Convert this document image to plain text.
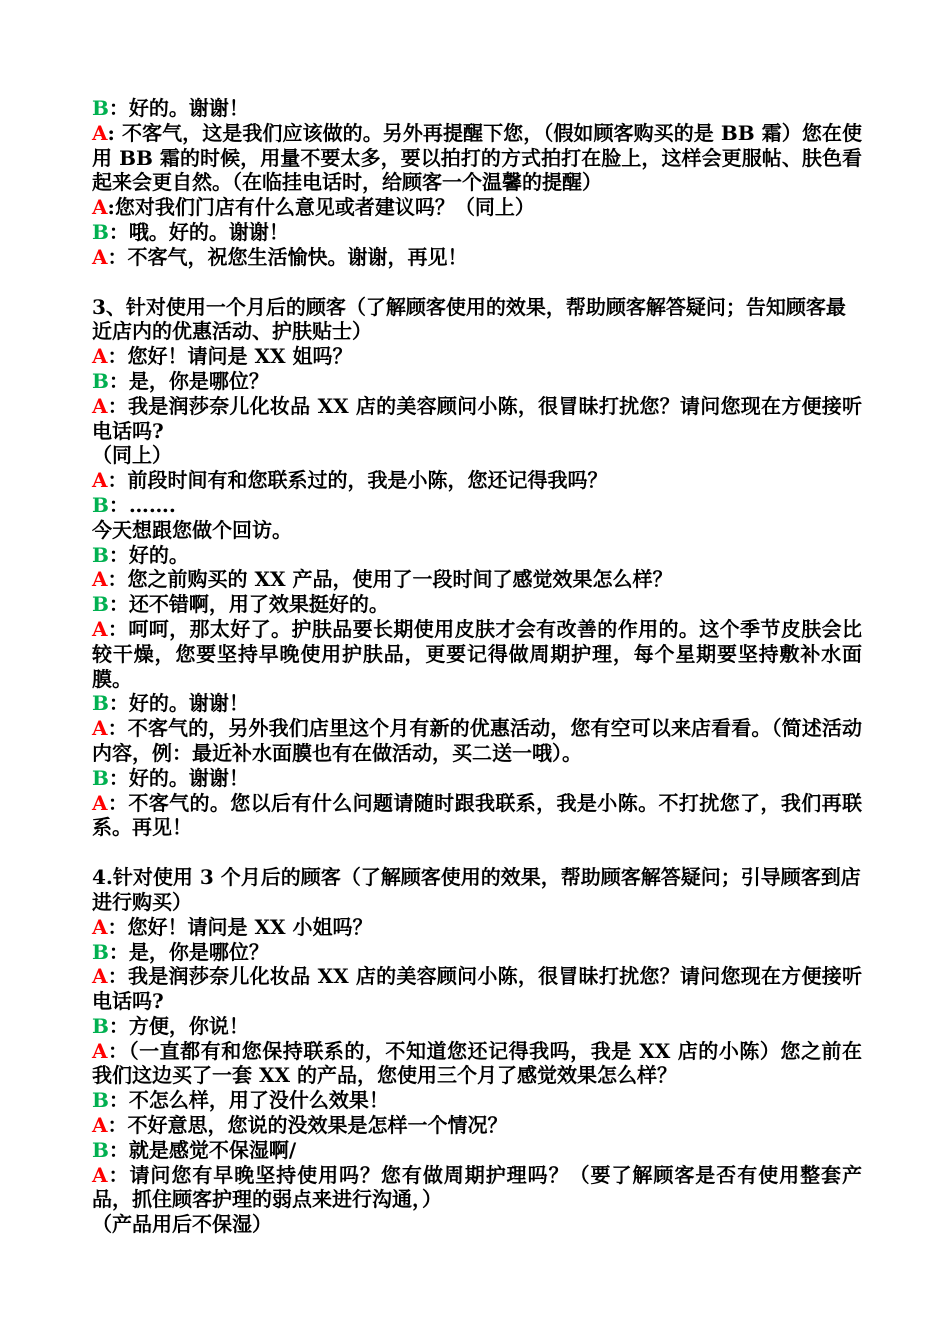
B：好的。谢谢！
A: 不客气，这是我们应该做的。另外再提醒下您，（假如顾客购买的是 BB 霜）您在使用 BB 霜的时候，用量不要太多，要以拍打的方式拍打在脸上，这样会更服帖、肤色看起来会更自然。（在临挂电话时，给顾客一个温馨的提醒）
A:您对我们门店有什么意见或者建议吗？（同上）
B：哦。好的。谢谢！
A：不客气，祝您生活愉快。谢谢，再见！
3、针对使用一个月后的顾客（了解顾客使用的效果，帮助顾客解答疑问；告知顾客最近店内的优惠活动、护肤贴士）
A：您好！请问是 XX 姐吗？
B：是，你是哪位？
A：我是润莎奈儿化妆品 XX 店的美容顾问小陈，很冒昧打扰您？请问您现在方便接听电话吗?
（同上）
A：前段时间有和您联系过的，我是小陈，您还记得我吗？
B：…….
今天想跟您做个回访。
B：好的。
A：您之前购买的 XX 产品，使用了一段时间了感觉效果怎么样？
B：还不错啊，用了效果挺好的。
A：呵呵，那太好了。护肤品要长期使用皮肤才会有改善的作用的。这个季节皮肤会比较干燥，您要坚持早晚使用护肤品，更要记得做周期护理，每个星期要坚持敷补水面膜。
B：好的。谢谢！
A：不客气的，另外我们店里这个月有新的优惠活动，您有空可以来店看看。（简述活动内容，例：最近补水面膜也有在做活动，买二送一哦）。
B：好的。谢谢！
A：不客气的。您以后有什么问题请随时跟我联系，我是小陈。不打扰您了，我们再联系。再见！
4.针对使用 3 个月后的顾客（了解顾客使用的效果，帮助顾客解答疑问；引导顾客到店进行购买）
A：您好！请问是 XX 小姐吗？
B：是，你是哪位？
A：我是润莎奈儿化妆品 XX 店的美容顾问小陈，很冒昧打扰您？请问您现在方便接听电话吗?
B：方便，你说！
A：（一直都有和您保持联系的，不知道您还记得我吗，我是 XX 店的小陈）您之前在我们这边买了一套 XX 的产品，您使用三个月了感觉效果怎么样？
B：不怎么样，用了没什么效果！
A：不好意思，您说的没效果是怎样一个情况？
B：就是感觉不保湿啊/
A：请问您有早晚坚持使用吗？您有做周期护理吗？（要了解顾客是否有使用整套产品，抓住顾客护理的弱点来进行沟通，）
（产品用后不保湿）
